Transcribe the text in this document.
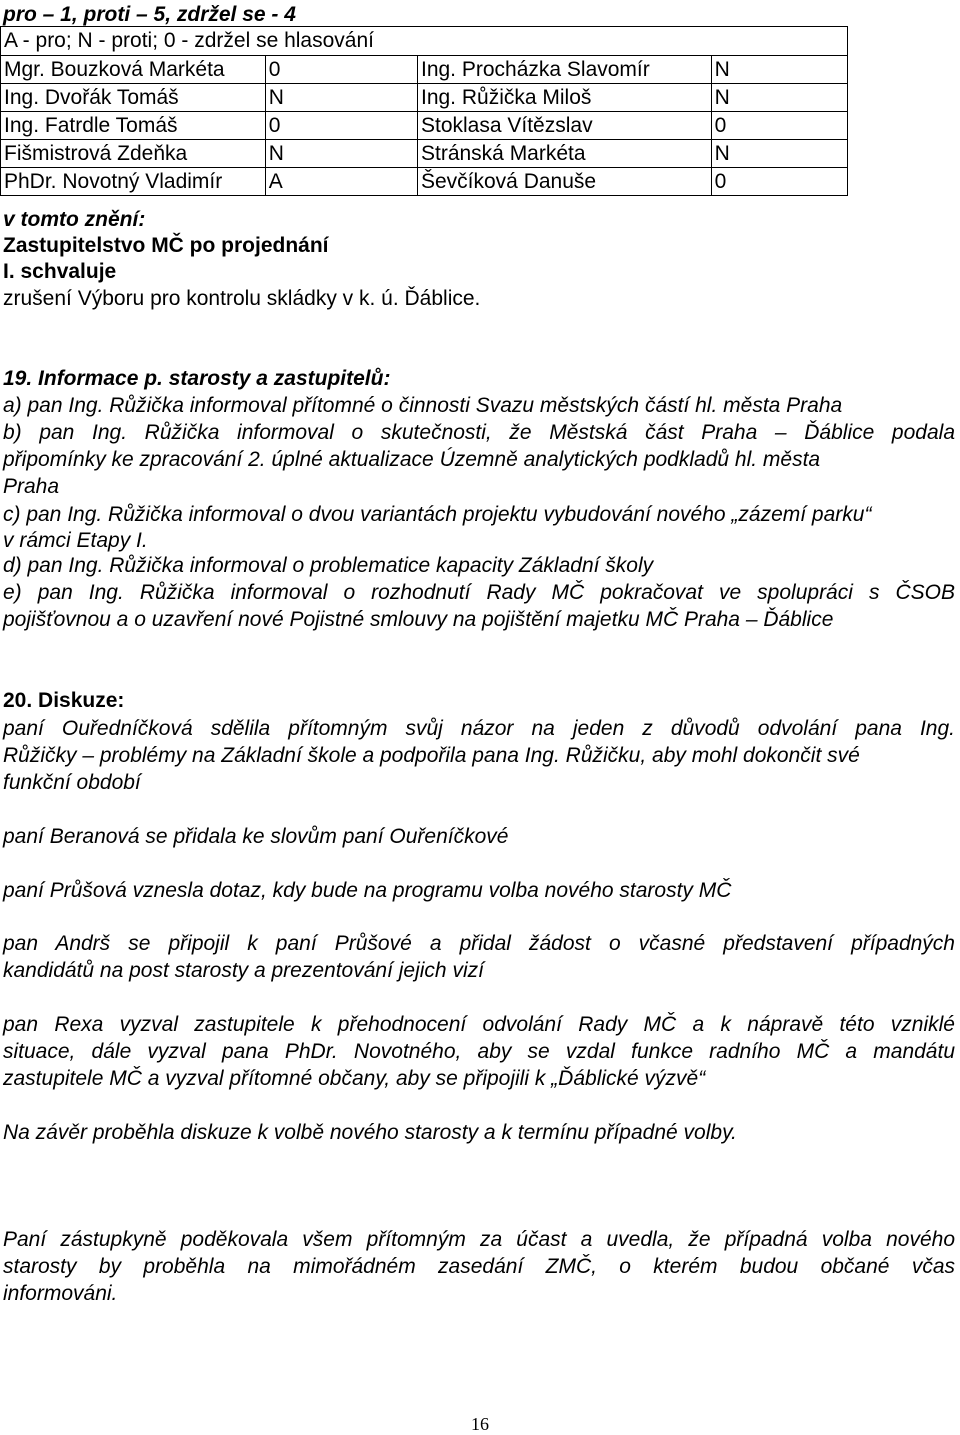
pro – 1, proti – 5, zdržel se - 4
A - pro; N - proti; 0 - zdržel se hlasování			
Mgr. Bouzková Markéta	0	Ing. Procházka Slavomír	N
Ing. Dvořák Tomáš	N	Ing. Růžička Miloš	N
Ing. Fatrdle Tomáš	0	Stoklasa Vítězslav	0
Fišmistrová Zdeňka	N	Stránská Markéta	N
PhDr. Novotný Vladimír	A	Ševčíková Danuše	0
v tomto znění:
Zastupitelstvo MČ po projednání
I. schvaluje
zrušení Výboru pro kontrolu skládky v k. ú. Ďáblice.
19. Informace p. starosty a zastupitelů:
a) pan Ing. Růžička informoval přítomné o činnosti Svazu městských částí hl. města Praha
b) pan Ing. Růžička informoval o skutečnosti, že Městská část Praha – Ďáblice podala
připomínky ke zpracování 2. úplné aktualizace Územně analytických podkladů hl. města
Praha
c) pan Ing. Růžička informoval o dvou variantách projektu vybudování nového „zázemí parku“
v rámci Etapy I.
d) pan Ing. Růžička informoval o problematice kapacity Základní školy
e) pan Ing. Růžička informoval o rozhodnutí Rady MČ pokračovat ve spolupráci s ČSOB
pojišťovnou a o uzavření nové Pojistné smlouvy na pojištění majetku MČ Praha – Ďáblice
20. Diskuze:
paní Ouředníčková sdělila přítomným svůj názor na jeden z důvodů odvolání pana Ing.
Růžičky – problémy na Základní škole a podpořila pana Ing. Růžičku, aby mohl dokončit své
funkční období
paní Beranová se přidala ke slovům paní Ouřeníčkové
paní Průšová vznesla dotaz, kdy bude na programu volba nového starosty MČ
pan Andrš se připojil k paní Průšové a přidal žádost o včasné představení případných
kandidátů na post starosty a prezentování jejich vizí
pan Rexa vyzval zastupitele k přehodnocení odvolání Rady MČ a k nápravě této vzniklé
situace, dále vyzval pana PhDr. Novotného, aby se vzdal funkce radního MČ a mandátu
zastupitele MČ a vyzval přítomné občany, aby se připojili k „Ďáblické výzvě“
Na závěr proběhla diskuze k volbě nového starosty a k termínu případné volby.
Paní zástupkyně poděkovala všem přítomným za účast a uvedla, že případná volba nového
starosty by proběhla na mimořádném zasedání ZMČ, o kterém budou občané včas
informováni.
16
